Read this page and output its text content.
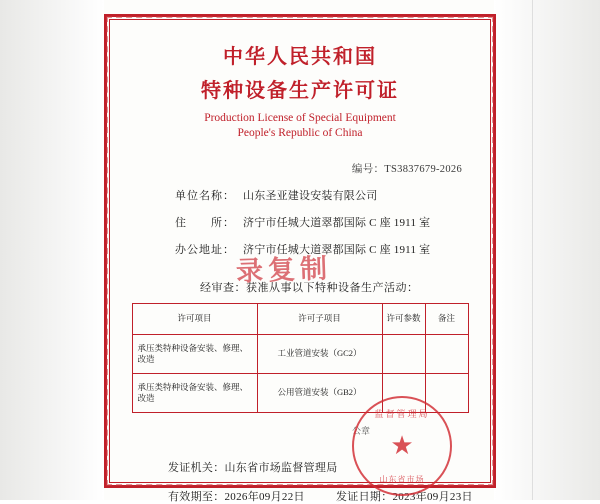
中华人民共和国
特种设备生产许可证
Production License of Special Equipment
People's Republic of China
编号：TS3837679-2026
单位名称： 山东圣亚建设安装有限公司
住　　所： 济宁市任城大道翠都国际 C 座 1911 室
办公地址： 济宁市任城大道翠都国际 C 座 1911 室
经审查：获准从事以下特种设备生产活动：
许可项目	许可子项目	许可参数	备注
承压类特种设备安装、修理、改造	工业管道安装（GC2）		
承压类特种设备安装、修理、改造	公用管道安装（GB2）		
发证机关：山东省市场监督管理局
有效期至：2026年09月22日	发证日期：2023年09月23日
录复制
公章
监督管理局
★
山东省市场
